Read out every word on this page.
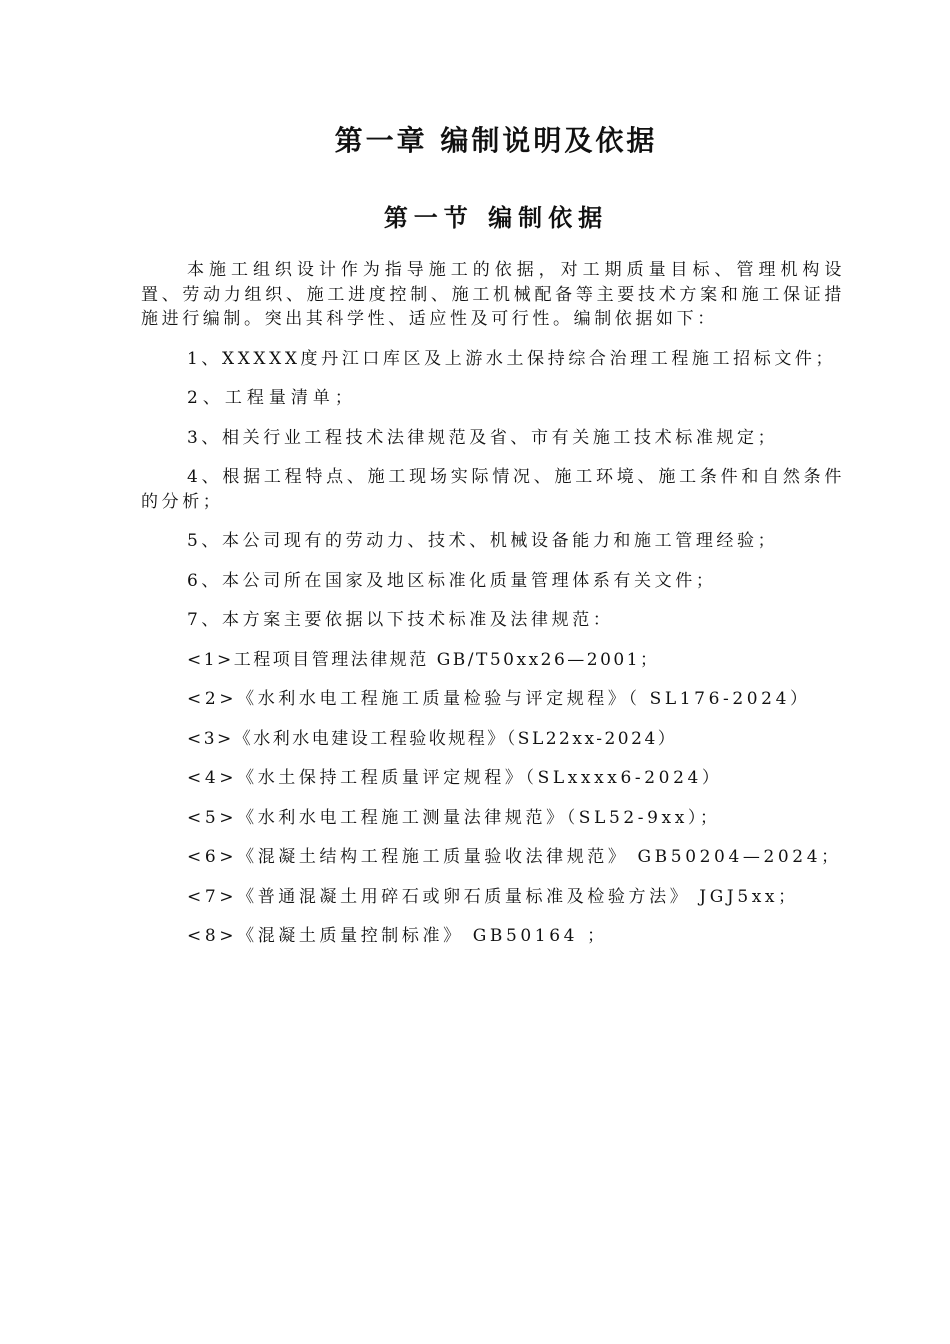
第一章 编制说明及依据
第一节 编制依据

本施工组织设计作为指导施工的依据，对工期质量目标、管理机构设置、劳动力组织、施工进度控制、施工机械配备等主要技术方案和施工保证措施进行编制。突出其科学性、适应性及可行性。编制依据如下：

1、XXXXX度丹江口库区及上游水土保持综合治理工程施工招标文件；

2、工程量清单；

3、相关行业工程技术法律规范及省、市有关施工技术标准规定；

4、根据工程特点、施工现场实际情况、施工环境、施工条件和自然条件的分析；

5、本公司现有的劳动力、技术、机械设备能力和施工管理经验；

6、本公司所在国家及地区标准化质量管理体系有关文件；

7、本方案主要依据以下技术标准及法律规范：

<1>工程项目管理法律规范 GB/T50xx26—2001；

<2>《水利水电工程施工质量检验与评定规程》（ SL176-2024）

<3>《水利水电建设工程验收规程》（SL22xx-2024）

<4>《水土保持工程质量评定规程》（SLxxxx6-2024）

<5>《水利水电工程施工测量法律规范》（SL52-9xx）；

<6>《混凝土结构工程施工质量验收法律规范》 GB50204—2024；

<7>《普通混凝土用碎石或卵石质量标准及检验方法》 JGJ5xx；

<8>《混凝土质量控制标准》 GB50164 ；
